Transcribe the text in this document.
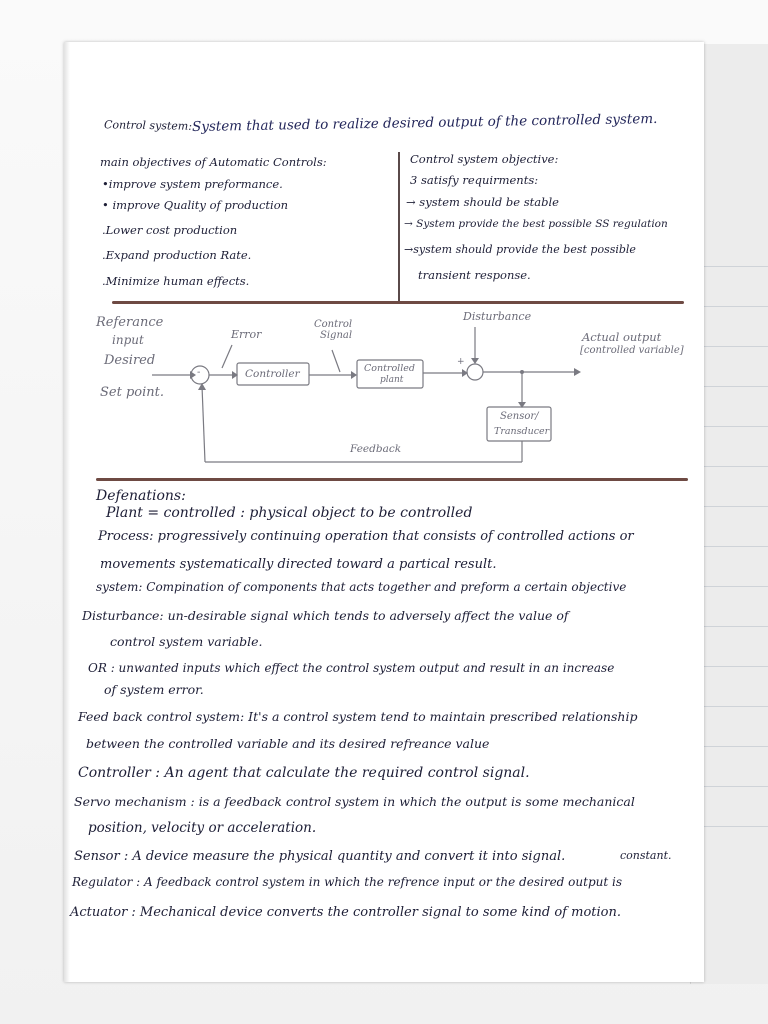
Control system: System that used to realize desired output of the controlled system.
main objectives of Automatic Controls:
•improve system preformance.
• improve Quality of production
.Lower cost production
.Expand production Rate.
.Minimize human effects.
Control system objective:
3 satisfy requirments:
→ system should be stable
→ System provide the best possible SS regulation
→system should provide the best possible
transient response.
Referance
input
Desired
Set point.
Error
Control
Signal
Disturbance
Actual output
[controlled variable]
Controller	Controlled
plant
Sensor/
Transducer
Feedback
-
+
Defenations:
Plant = controlled : physical object to be controlled
Process: progressively continuing operation that consists of controlled actions or
movements systematically directed toward a partical result.
system: Compination of components that acts together and preform a certain objective
Disturbance: un-desirable signal which tends to adversely affect the value of
control system variable.
OR : unwanted inputs which effect the control system output and result in an increase
of system error.
Feed back control system: It's a control system tend to maintain prescribed relationship
between the controlled variable and its desired refreance value
Controller : An agent that calculate the required control signal.
Servo mechanism : is a feedback control system in which the output is some mechanical
position, velocity or acceleration.
Sensor : A device measure the physical quantity and convert it into signal.	constant.
Regulator : A feedback control system in which the refrence input or the desired output is
Actuator : Mechanical device converts the controller signal to some kind of motion.
